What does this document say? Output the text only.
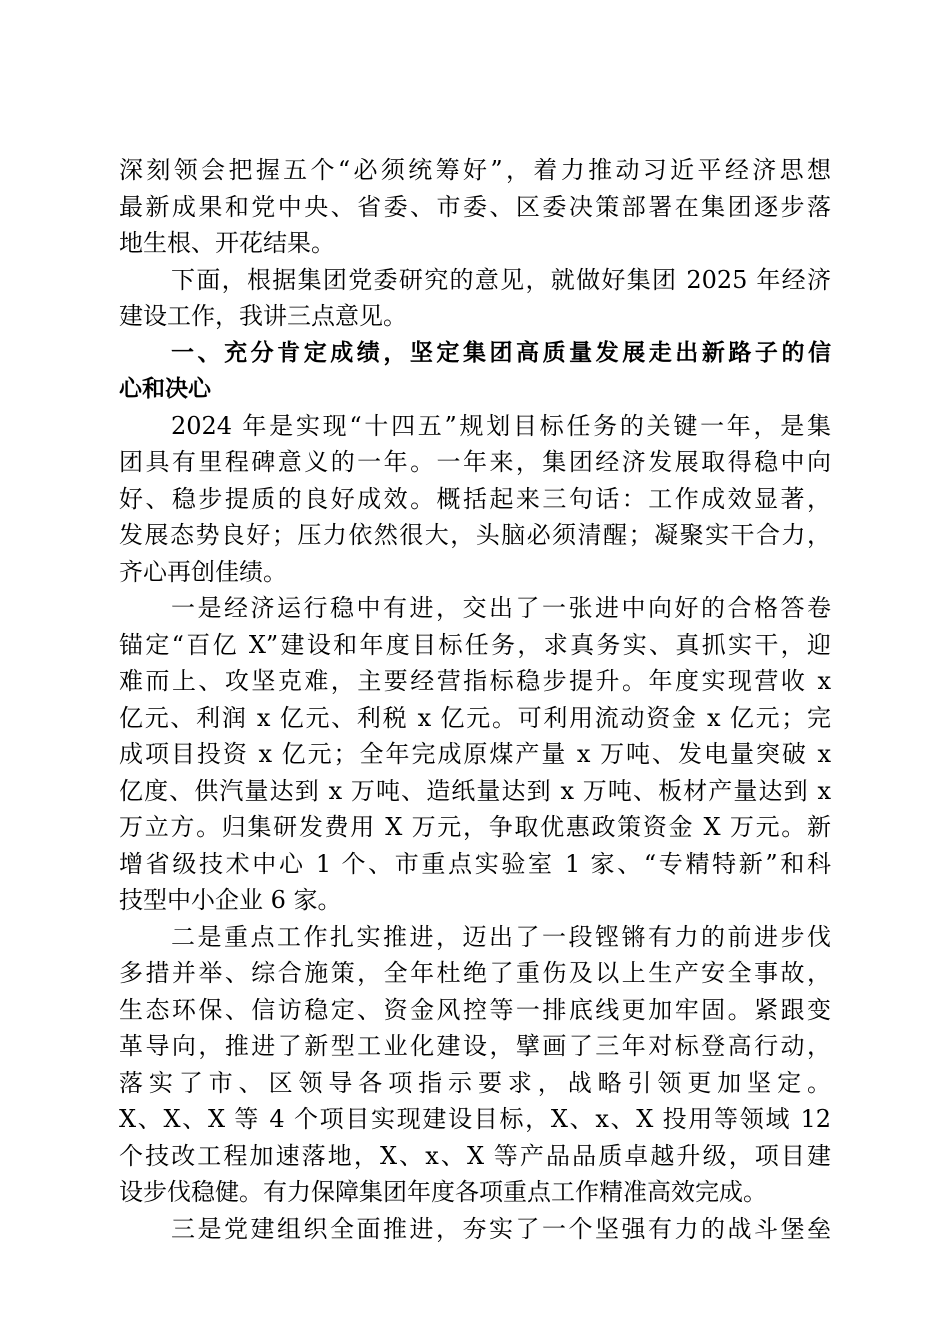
深刻领会把握五个“必须统筹好”，着力推动习近平经济思想
最新成果和党中央、省委、市委、区委决策部署在集团逐步落
地生根、开花结果。
下面，根据集团党委研究的意见，就做好集团 2025 年经济
建设工作，我讲三点意见。
一、充分肯定成绩，坚定集团高质量发展走出新路子的信
心和决心
2024 年是实现“十四五”规划目标任务的关键一年，是集
团具有里程碑意义的一年。一年来，集团经济发展取得稳中向
好、稳步提质的良好成效。概括起来三句话：工作成效显著，
发展态势良好；压力依然很大，头脑必须清醒；凝聚实干合力，
齐心再创佳绩。
一是经济运行稳中有进，交出了一张进中向好的合格答卷
锚定“百亿 X”建设和年度目标任务，求真务实、真抓实干，迎
难而上、攻坚克难，主要经营指标稳步提升。年度实现营收 x
亿元、利润 x 亿元、利税 x 亿元。可利用流动资金 x 亿元；完
成项目投资 x 亿元；全年完成原煤产量 x 万吨、发电量突破 x
亿度、供汽量达到 x 万吨、造纸量达到 x 万吨、板材产量达到 x
万立方。归集研发费用 X 万元，争取优惠政策资金 X 万元。新
增省级技术中心 1 个、市重点实验室 1 家、“专精特新”和科
技型中小企业 6 家。
二是重点工作扎实推进，迈出了一段铿锵有力的前进步伐
多措并举、综合施策，全年杜绝了重伤及以上生产安全事故，
生态环保、信访稳定、资金风控等一排底线更加牢固。紧跟变
革导向，推进了新型工业化建设，擘画了三年对标登高行动，
落实了市、区领导各项指示要求，战略引领更加坚定。
X、X、X 等 4 个项目实现建设目标，X、x、X 投用等领域 12
个技改工程加速落地，X、x、X 等产品品质卓越升级，项目建
设步伐稳健。有力保障集团年度各项重点工作精准高效完成。
三是党建组织全面推进，夯实了一个坚强有力的战斗堡垒
